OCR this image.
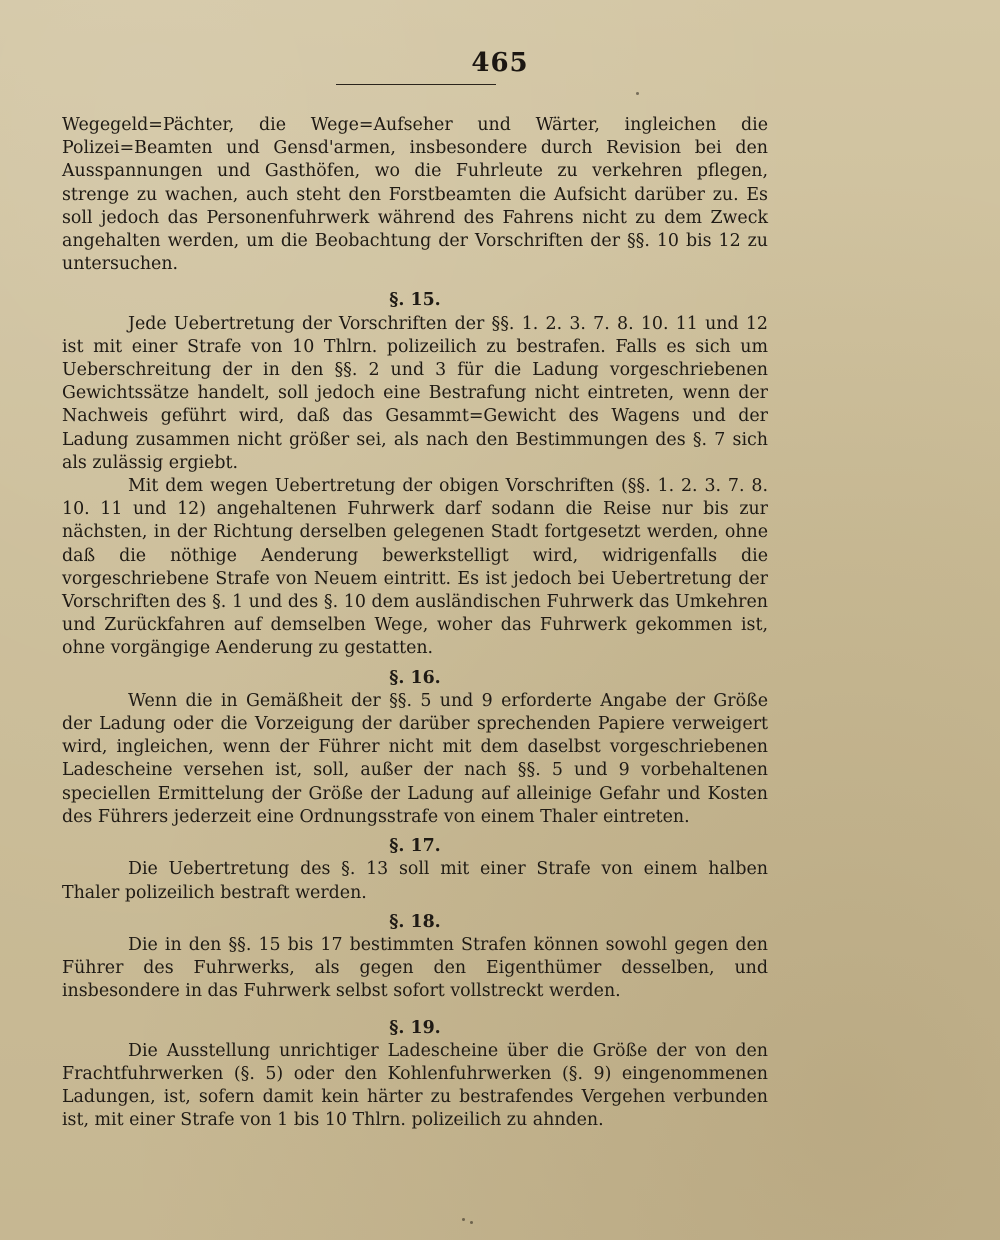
465

Wegegeld=Pächter, die Wege=Aufseher und Wärter, ingleichen die Polizei=Beamten und Gensd'armen, insbesondere durch Revision bei den Ausspannungen und Gasthöfen, wo die Fuhrleute zu verkehren pflegen, strenge zu wachen, auch steht den Forstbeamten die Aufsicht darüber zu. Es soll jedoch das Personenfuhrwerk während des Fahrens nicht zu dem Zweck angehalten werden, um die Beobachtung der Vorschriften der §§. 10 bis 12 zu untersuchen.

§. 15.

Jede Uebertretung der Vorschriften der §§. 1. 2. 3. 7. 8. 10. 11 und 12 ist mit einer Strafe von 10 Thlrn. polizeilich zu bestrafen. Falls es sich um Ueberschreitung der in den §§. 2 und 3 für die Ladung vorgeschriebenen Gewichtssätze handelt, soll jedoch eine Bestrafung nicht eintreten, wenn der Nachweis geführt wird, daß das Gesammt=Gewicht des Wagens und der Ladung zusammen nicht größer sei, als nach den Bestimmungen des §. 7 sich als zulässig ergiebt.

Mit dem wegen Uebertretung der obigen Vorschriften (§§. 1. 2. 3. 7. 8. 10. 11 und 12) angehaltenen Fuhrwerk darf sodann die Reise nur bis zur nächsten, in der Richtung derselben gelegenen Stadt fortgesetzt werden, ohne daß die nöthige Aenderung bewerkstelligt wird, widrigenfalls die vorgeschriebene Strafe von Neuem eintritt. Es ist jedoch bei Uebertretung der Vorschriften des §. 1 und des §. 10 dem ausländischen Fuhrwerk das Umkehren und Zurückfahren auf demselben Wege, woher das Fuhrwerk gekommen ist, ohne vorgängige Aenderung zu gestatten.

§. 16.

Wenn die in Gemäßheit der §§. 5 und 9 erforderte Angabe der Größe der Ladung oder die Vorzeigung der darüber sprechenden Papiere verweigert wird, ingleichen, wenn der Führer nicht mit dem daselbst vorgeschriebenen Ladescheine versehen ist, soll, außer der nach §§. 5 und 9 vorbehaltenen speciellen Ermittelung der Größe der Ladung auf alleinige Gefahr und Kosten des Führers jederzeit eine Ordnungsstrafe von einem Thaler eintreten.

§. 17.

Die Uebertretung des §. 13 soll mit einer Strafe von einem halben Thaler polizeilich bestraft werden.

§. 18.

Die in den §§. 15 bis 17 bestimmten Strafen können sowohl gegen den Führer des Fuhrwerks, als gegen den Eigenthümer desselben, und insbesondere in das Fuhrwerk selbst sofort vollstreckt werden.

§. 19.

Die Ausstellung unrichtiger Ladescheine über die Größe der von den Frachtfuhrwerken (§. 5) oder den Kohlenfuhrwerken (§. 9) eingenommenen Ladungen, ist, sofern damit kein härter zu bestrafendes Vergehen verbunden ist, mit einer Strafe von 1 bis 10 Thlrn. polizeilich zu ahnden.
